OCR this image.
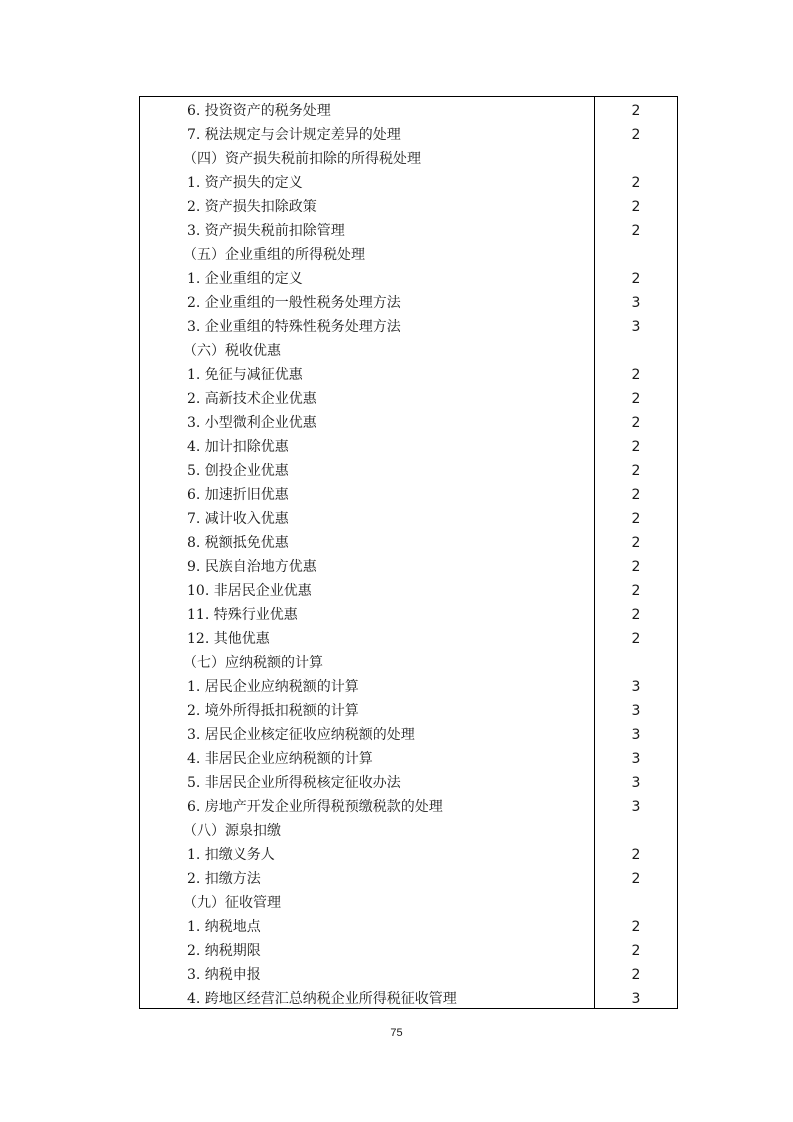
6. 投资资产的税务处理	2
7. 税法规定与会计规定差异的处理	2
（四）资产损失税前扣除的所得税处理
1. 资产损失的定义	2
2. 资产损失扣除政策	2
3. 资产损失税前扣除管理	2
（五）企业重组的所得税处理
1. 企业重组的定义	2
2. 企业重组的一般性税务处理方法	3
3. 企业重组的特殊性税务处理方法	3
（六）税收优惠
1. 免征与减征优惠	2
2. 高新技术企业优惠	2
3. 小型微利企业优惠	2
4. 加计扣除优惠	2
5. 创投企业优惠	2
6. 加速折旧优惠	2
7. 减计收入优惠	2
8. 税额抵免优惠	2
9. 民族自治地方优惠	2
10. 非居民企业优惠	2
11. 特殊行业优惠	2
12. 其他优惠	2
（七）应纳税额的计算
1. 居民企业应纳税额的计算	3
2. 境外所得抵扣税额的计算	3
3. 居民企业核定征收应纳税额的处理	3
4. 非居民企业应纳税额的计算	3
5. 非居民企业所得税核定征收办法	3
6. 房地产开发企业所得税预缴税款的处理	3
（八）源泉扣缴
1. 扣缴义务人	2
2. 扣缴方法	2
（九）征收管理
1. 纳税地点	2
2. 纳税期限	2
3. 纳税申报	2
4. 跨地区经营汇总纳税企业所得税征收管理	3
75
